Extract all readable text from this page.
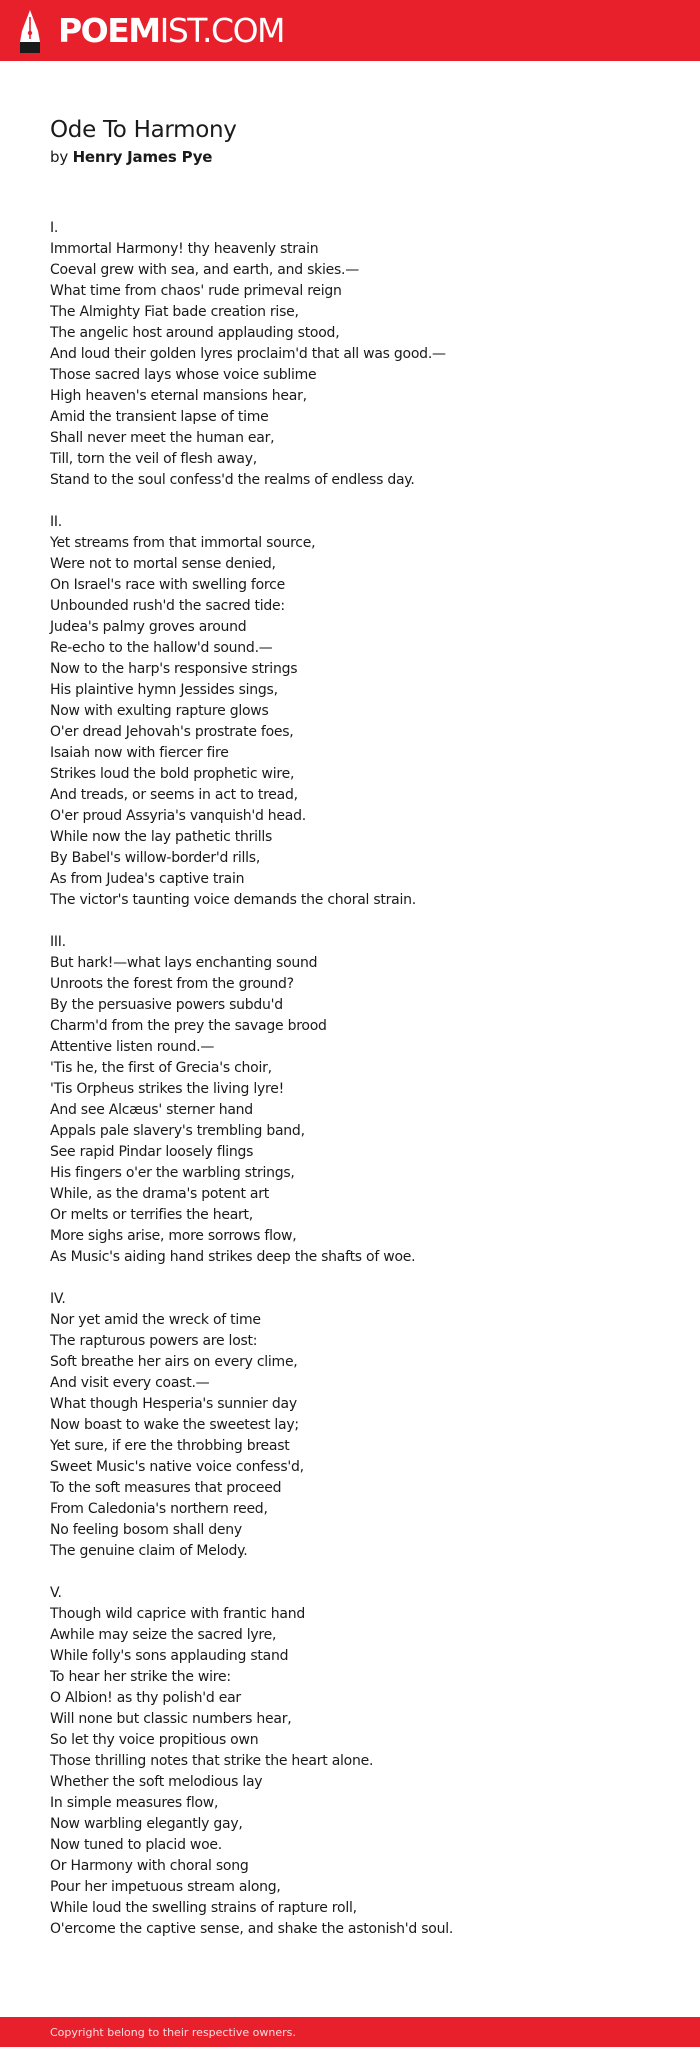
POEMIST.COM
Ode To Harmony

by Henry James Pye

I.
Immortal Harmony! thy heavenly strain
Coeval grew with sea, and earth, and skies.—
What time from chaos' rude primeval reign
The Almighty Fiat bade creation rise,
The angelic host around applauding stood,
And loud their golden lyres proclaim'd that all was good.—
Those sacred lays whose voice sublime
High heaven's eternal mansions hear,
Amid the transient lapse of time
Shall never meet the human ear,
Till, torn the veil of flesh away,
Stand to the soul confess'd the realms of endless day.
II.
Yet streams from that immortal source,
Were not to mortal sense denied,
On Israel's race with swelling force
Unbounded rush'd the sacred tide:
Judea's palmy groves around
Re-echo to the hallow'd sound.—
Now to the harp's responsive strings
His plaintive hymn Jessides sings,
Now with exulting rapture glows
O'er dread Jehovah's prostrate foes,
Isaiah now with fiercer fire
Strikes loud the bold prophetic wire,
And treads, or seems in act to tread,
O'er proud Assyria's vanquish'd head.
While now the lay pathetic thrills
By Babel's willow-border'd rills,
As from Judea's captive train
The victor's taunting voice demands the choral strain.
III.
But hark!—what lays enchanting sound
Unroots the forest from the ground?
By the persuasive powers subdu'd
Charm'd from the prey the savage brood
Attentive listen round.—
'Tis he, the first of Grecia's choir,
'Tis Orpheus strikes the living lyre!
And see Alcæus' sterner hand
Appals pale slavery's trembling band,
See rapid Pindar loosely flings
His fingers o'er the warbling strings,
While, as the drama's potent art
Or melts or terrifies the heart,
More sighs arise, more sorrows flow,
As Music's aiding hand strikes deep the shafts of woe.
IV.
Nor yet amid the wreck of time
The rapturous powers are lost:
Soft breathe her airs on every clime,
And visit every coast.—
What though Hesperia's sunnier day
Now boast to wake the sweetest lay;
Yet sure, if ere the throbbing breast
Sweet Music's native voice confess'd,
To the soft measures that proceed
From Caledonia's northern reed,
No feeling bosom shall deny
The genuine claim of Melody.
V.
Though wild caprice with frantic hand
Awhile may seize the sacred lyre,
While folly's sons applauding stand
To hear her strike the wire:
O Albion! as thy polish'd ear
Will none but classic numbers hear,
So let thy voice propitious own
Those thrilling notes that strike the heart alone.
Whether the soft melodious lay
In simple measures flow,
Now warbling elegantly gay,
Now tuned to placid woe.
Or Harmony with choral song
Pour her impetuous stream along,
While loud the swelling strains of rapture roll,
O'ercome the captive sense, and shake the astonish'd soul.
Copyright belong to their respective owners.
